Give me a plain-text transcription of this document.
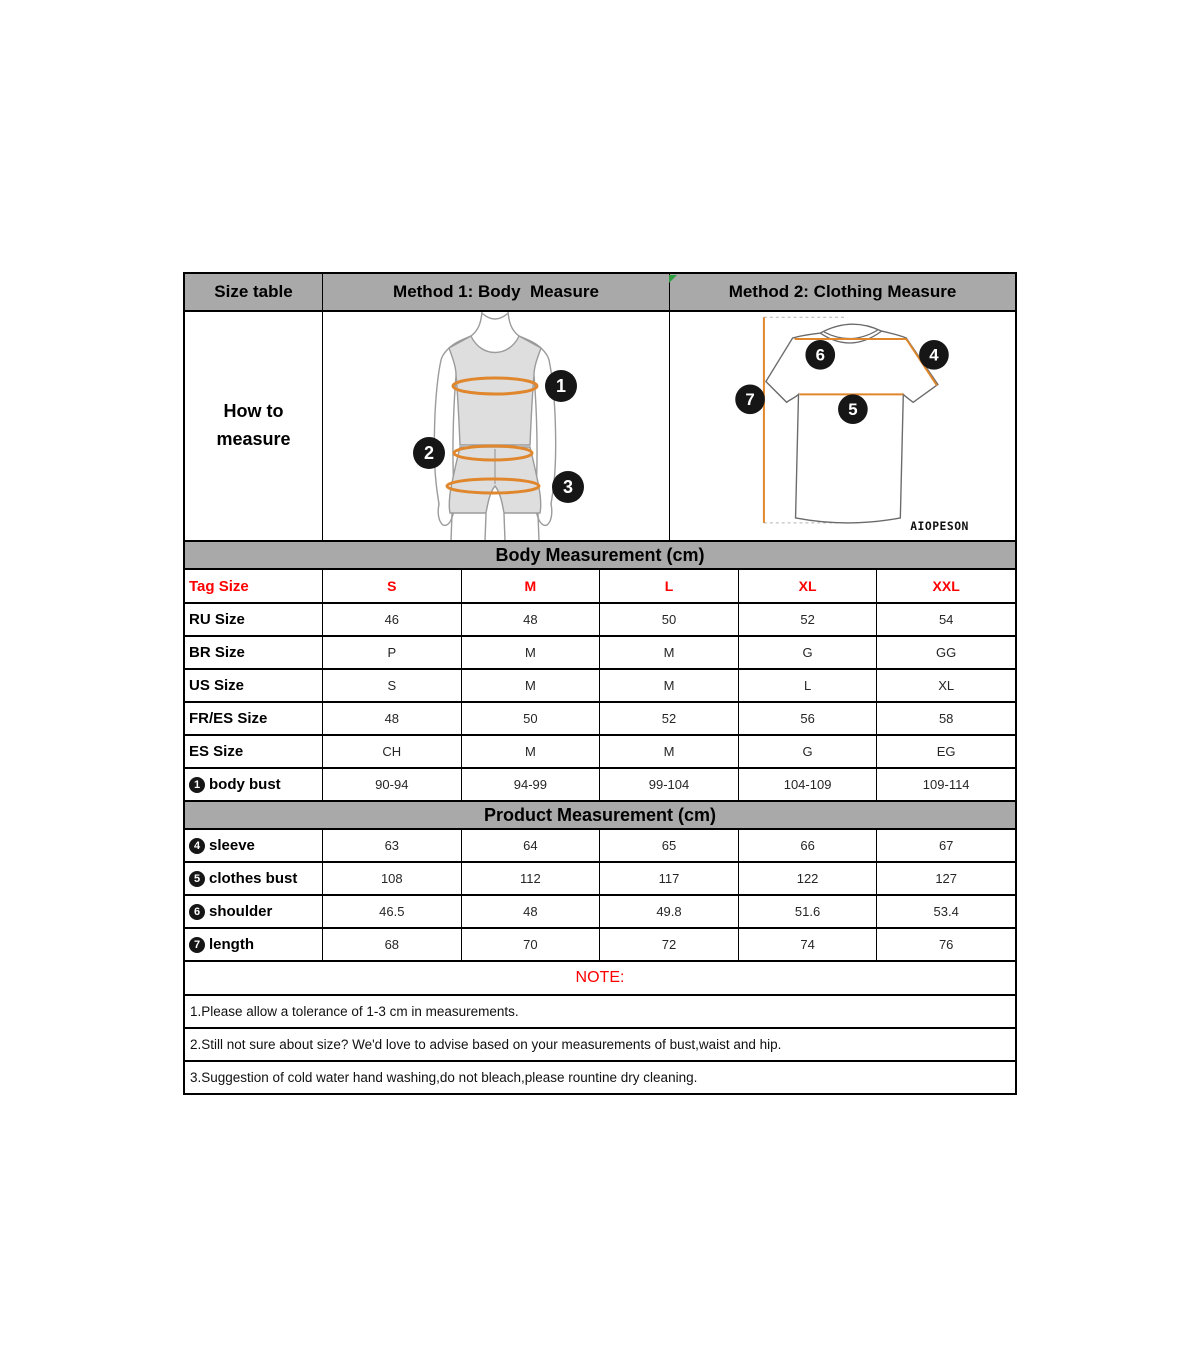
Size table	Method 1: Body  Measure	Method 2: Clothing Measure
How to
measure
1
2
3
6	4
7
5
AIOPESON
Body Measurement (cm)
Tag Size	S	M	L	XL	XXL
RU Size	46	48	50	52	54
BR Size	P	M	M	G	GG
US Size	S	M	M	L	XL
FR/ES Size	48	50	52	56	58
ES Size	CH	M	M	G	EG
1 body bust	90-94	94-99	99-104	104-109	109-114
Product Measurement (cm)
4 sleeve	63	64	65	66	67
5 clothes bust	108	112	117	122	127
6 shoulder	46.5	48	49.8	51.6	53.4
7 length	68	70	72	74	76
NOTE:
1.Please allow a tolerance of 1-3 cm in measurements.
2.Still not sure about size? We'd love to advise based on your measurements of bust,waist and hip.
3.Suggestion of cold water hand washing,do not bleach,please rountine dry cleaning.
